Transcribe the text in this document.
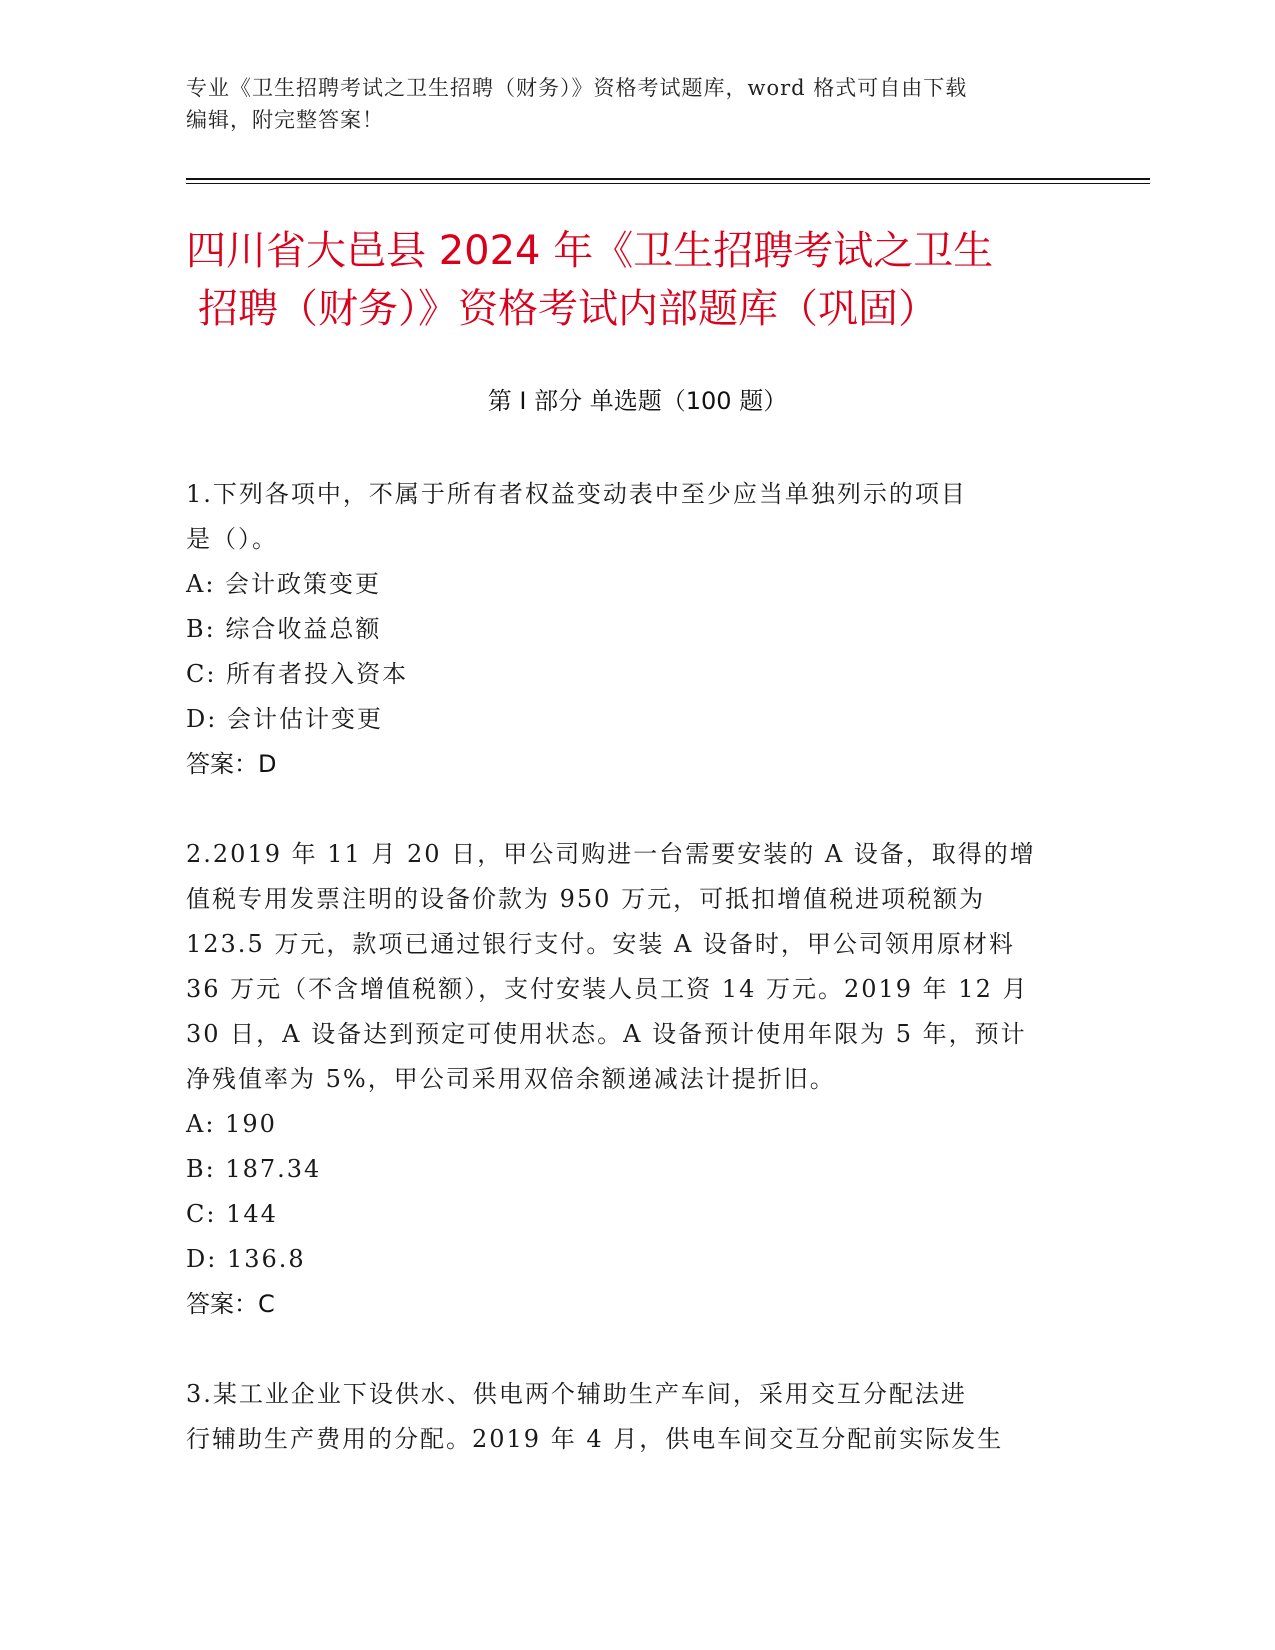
专业《卫生招聘考试之卫生招聘（财务）》资格考试题库，word 格式可自由下载
编辑，附完整答案！
四川省大邑县 2024 年《卫生招聘考试之卫生
招聘（财务）》资格考试内部题库（巩固）
第 I 部分 单选题（100 题）
1.下列各项中，不属于所有者权益变动表中至少应当单独列示的项目
是（）。
A: 会计政策变更
B: 综合收益总额
C: 所有者投入资本
D: 会计估计变更
答案：D
2.2019 年 11 月 20 日，甲公司购进一台需要安装的 A 设备，取得的增
值税专用发票注明的设备价款为 950 万元，可抵扣增值税进项税额为
123.5 万元，款项已通过银行支付。安装 A 设备时，甲公司领用原材料
36 万元（不含增值税额），支付安装人员工资 14 万元。2019 年 12 月
30 日，A 设备达到预定可使用状态。A 设备预计使用年限为 5 年，预计
净残值率为 5%，甲公司采用双倍余额递减法计提折旧。
A: 190
B: 187.34
C: 144
D: 136.8
答案：C
3.某工业企业下设供水、供电两个辅助生产车间，采用交互分配法进
行辅助生产费用的分配。2019 年 4 月，供电车间交互分配前实际发生
